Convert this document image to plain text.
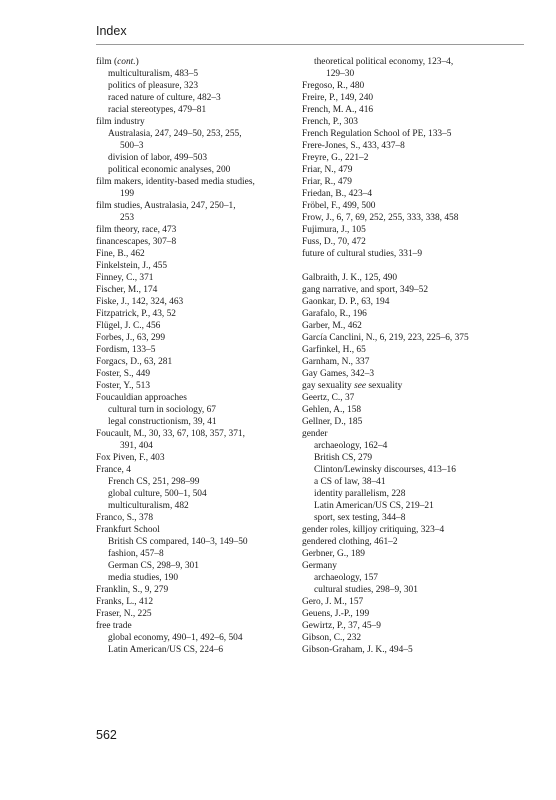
Index
film (cont.)
multiculturalism, 483–5
politics of pleasure, 323
raced nature of culture, 482–3
racial stereotypes, 479–81
film industry
Australasia, 247, 249–50, 253, 255,
500–3
division of labor, 499–503
political economic analyses, 200
film makers, identity-based media studies,
199
film studies, Australasia, 247, 250–1,
253
film theory, race, 473
financescapes, 307–8
Fine, B., 462
Finkelstein, J., 455
Finney, C., 371
Fischer, M., 174
Fiske, J., 142, 324, 463
Fitzpatrick, P., 43, 52
Flügel, J. C., 456
Forbes, J., 63, 299
Fordism, 133–5
Forgacs, D., 63, 281
Foster, S., 449
Foster, Y., 513
Foucauldian approaches
cultural turn in sociology, 67
legal constructionism, 39, 41
Foucault, M., 30, 33, 67, 108, 357, 371,
391, 404
Fox Piven, F., 403
France, 4
French CS, 251, 298–99
global culture, 500–1, 504
multiculturalism, 482
Franco, S., 378
Frankfurt School
British CS compared, 140–3, 149–50
fashion, 457–8
German CS, 298–9, 301
media studies, 190
Franklin, S., 9, 279
Franks, L., 412
Fraser, N., 225
free trade
global economy, 490–1, 492–6, 504
Latin American/US CS, 224–6
theoretical political economy, 123–4,
129–30
Fregoso, R., 480
Freire, P., 149, 240
French, M. A., 416
French, P., 303
French Regulation School of PE, 133–5
Frere-Jones, S., 433, 437–8
Freyre, G., 221–2
Friar, N., 479
Friar, R., 479
Friedan, B., 423–4
Fröbel, F., 499, 500
Frow, J., 6, 7, 69, 252, 255, 333, 338, 458
Fujimura, J., 105
Fuss, D., 70, 472
future of cultural studies, 331–9
Galbraith, J. K., 125, 490
gang narrative, and sport, 349–52
Gaonkar, D. P., 63, 194
Garafalo, R., 196
Garber, M., 462
García Canclini, N., 6, 219, 223, 225–6, 375
Garfinkel, H., 65
Garnham, N., 337
Gay Games, 342–3
gay sexuality see sexuality
Geertz, C., 37
Gehlen, A., 158
Gellner, D., 185
gender
archaeology, 162–4
British CS, 279
Clinton/Lewinsky discourses, 413–16
a CS of law, 38–41
identity parallelism, 228
Latin American/US CS, 219–21
sport, sex testing, 344–8
gender roles, killjoy critiquing, 323–4
gendered clothing, 461–2
Gerbner, G., 189
Germany
archaeology, 157
cultural studies, 298–9, 301
Gero, J. M., 157
Geuens, J.-P., 199
Gewirtz, P., 37, 45–9
Gibson, C., 232
Gibson-Graham, J. K., 494–5
562
